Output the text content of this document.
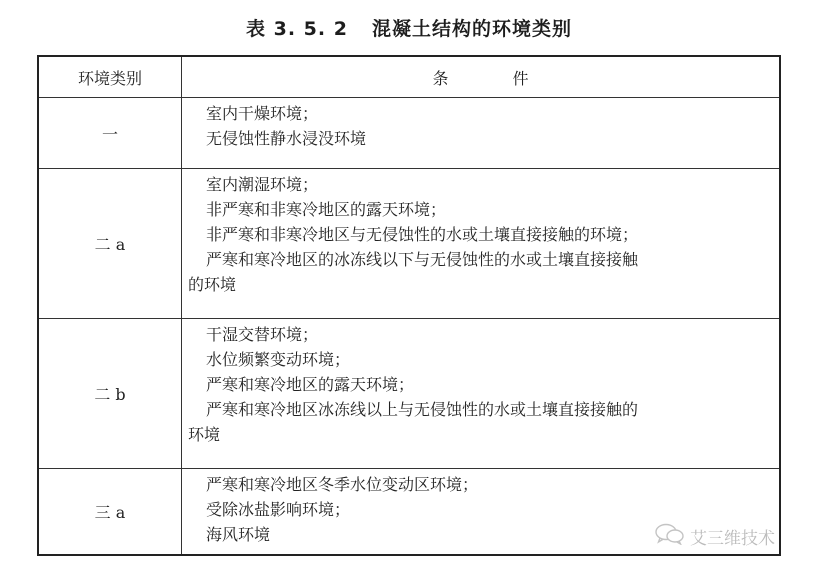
表 3. 5. 2 混凝土结构的环境类别
环境类别	条 件
一	室内干燥环境；
无侵蚀性静水浸没环境

二 a	室内潮湿环境；
非严寒和非寒冷地区的露天环境；
非严寒和非寒冷地区与无侵蚀性的水或土壤直接接触的环境；
严寒和寒冷地区的冰冻线以下与无侵蚀性的水或土壤直接接触
的环境

二 b	干湿交替环境；
水位频繁变动环境；
严寒和寒冷地区的露天环境；
严寒和寒冷地区冰冻线以上与无侵蚀性的水或土壤直接接触的
环境

三 a	严寒和寒冷地区冬季水位变动区环境；
受除冰盐影响环境；
海风环境	艾三维技术
